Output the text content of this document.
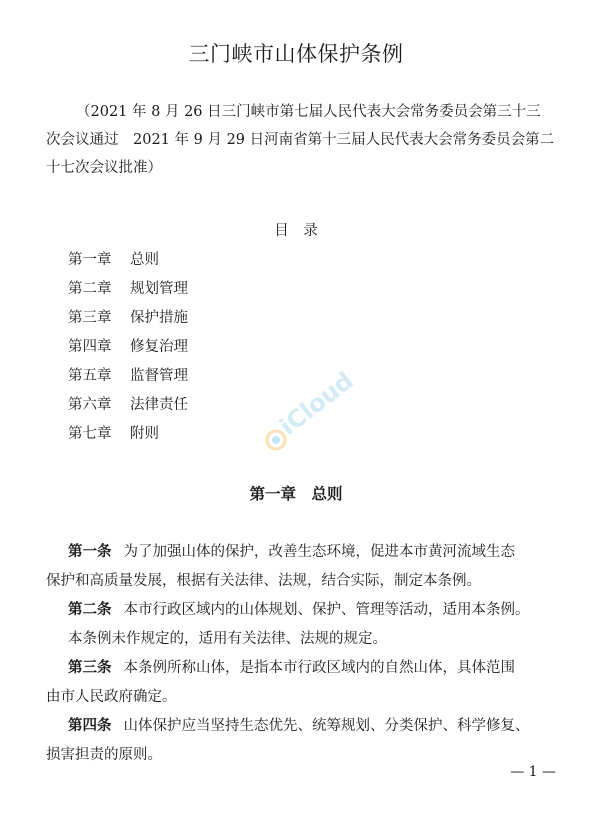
三门峡市山体保护条例
（2021 年 8 月 26 日三门峡市第七届人民代表大会常务委员会第三十三
次会议通过　2021 年 9 月 29 日河南省第十三届人民代表大会常务委员会第二
十七次会议批准）
目　录
第一章 总则
第二章 规划管理
第三章 保护措施
第四章 修复治理
第五章 监督管理
第六章 法律责任
第七章 附则	iCloud
第一章　总则
第一条 为了加强山体的保护，改善生态环境，促进本市黄河流域生态
保护和高质量发展，根据有关法律、法规，结合实际，制定本条例。
第二条 本市行政区域内的山体规划、保护、管理等活动，适用本条例。
本条例未作规定的，适用有关法律、法规的规定。
第三条 本条例所称山体，是指本市行政区域内的自然山体，具体范围
由市人民政府确定。
第四条 山体保护应当坚持生态优先、统筹规划、分类保护、科学修复、
损害担责的原则。
— 1 —
